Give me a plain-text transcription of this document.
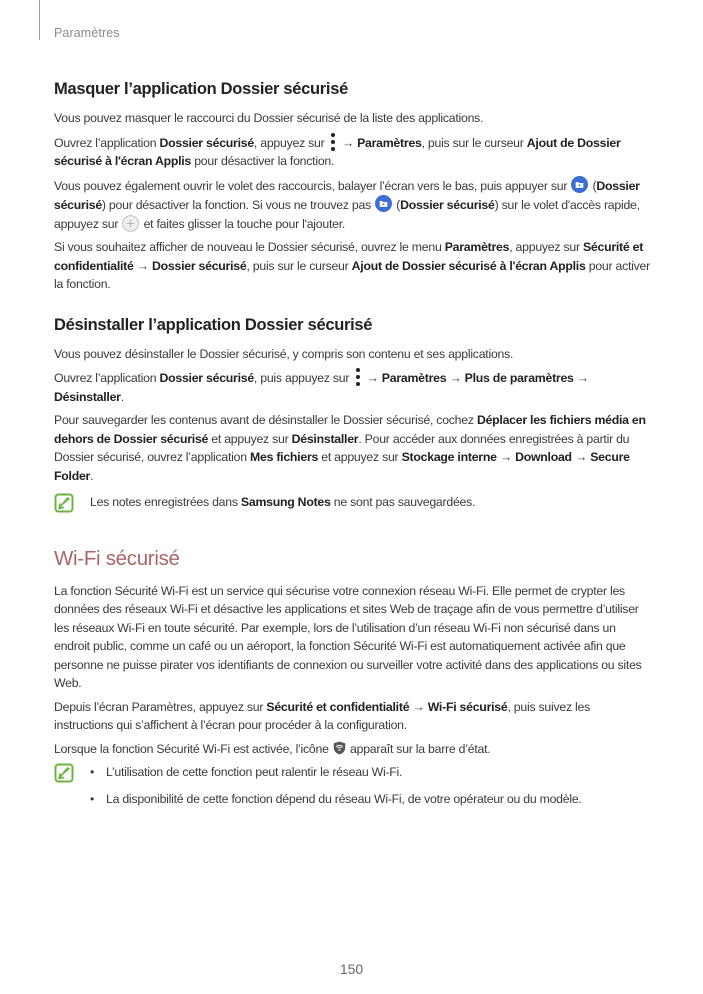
Paramètres
Masquer l’application Dossier sécurisé

Vous pouvez masquer le raccourci du Dossier sécurisé de la liste des applications.

Ouvrez l’application Dossier sécurisé, appuyez sur
→ Paramètres, puis sur le curseur Ajout de Dossier sécurisé à l'écran Applis pour désactiver la fonction.

Vous pouvez également ouvrir le volet des raccourcis, balayer l’écran vers le bas, puis appuyer sur  (Dossier sécurisé) pour désactiver la fonction. Si vous ne trouvez pas  (Dossier sécurisé) sur le volet d'accès rapide, appuyez sur  et faites glisser la touche pour l'ajouter.

Si vous souhaitez afficher de nouveau le Dossier sécurisé, ouvrez le menu Paramètres, appuyez sur Sécurité et confidentialité → Dossier sécurisé, puis sur le curseur Ajout de Dossier sécurisé à l'écran Applis pour activer la fonction.

Désinstaller l’application Dossier sécurisé

Vous pouvez désinstaller le Dossier sécurisé, y compris son contenu et ses applications.

Ouvrez l’application Dossier sécurisé, puis appuyez sur
→ Paramètres → Plus de paramètres → Désinstaller.

Pour sauvegarder les contenus avant de désinstaller le Dossier sécurisé, cochez Déplacer les fichiers média en dehors de Dossier sécurisé et appuyez sur Désinstaller. Pour accéder aux données enregistrées à partir du Dossier sécurisé, ouvrez l’application Mes fichiers et appuyez sur Stockage interne → Download → Secure Folder.

Les notes enregistrées dans Samsung Notes ne sont pas sauvegardées.

Wi-Fi sécurisé

La fonction Sécurité Wi-Fi est un service qui sécurise votre connexion réseau Wi-Fi. Elle permet de crypter les données des réseaux Wi-Fi et désactive les applications et sites Web de traçage afin de vous permettre d’utiliser les réseaux Wi-Fi en toute sécurité. Par exemple, lors de l’utilisation d’un réseau Wi-Fi non sécurisé dans un endroit public, comme un café ou un aéroport, la fonction Sécurité Wi-Fi est automatiquement activée afin que personne ne puisse pirater vos identifiants de connexion ou surveiller votre activité dans des applications ou sites Web.

Depuis l’écran Paramètres, appuyez sur Sécurité et confidentialité → Wi-Fi sécurisé, puis suivez les instructions qui s’affichent à l’écran pour procéder à la configuration.

Lorsque la fonction Sécurité Wi-Fi est activée, l’icône  apparaît sur la barre d’état.

• L’utilisation de cette fonction peut ralentir le réseau Wi-Fi.
• La disponibilité de cette fonction dépend du réseau Wi-Fi, de votre opérateur ou du modèle.
150
